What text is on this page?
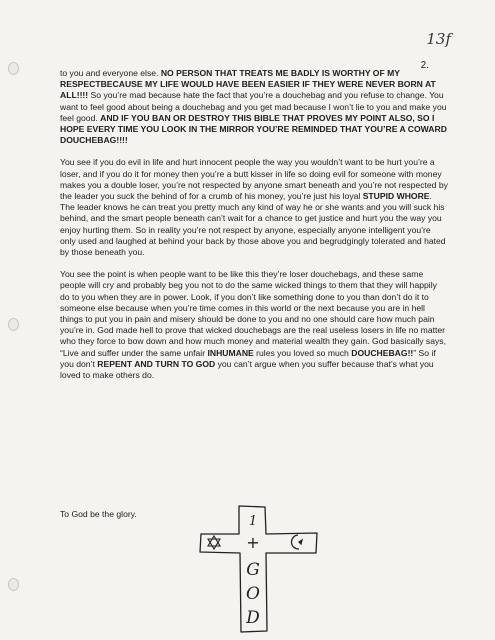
13f
2.

to you and everyone else. NO PERSON THAT TREATS ME BADLY IS WORTHY OF MY RESPECTBECAUSE MY LIFE WOULD HAVE BEEN EASIER IF THEY WERE NEVER BORN AT ALL!!!! So you’re mad because hate the fact that you’re a douchebag and you refuse to change. You want to feel good about being a douchebag and you get mad because I won’t lie to you and make you feel good. AND IF YOU BAN OR DESTROY THIS BIBLE THAT PROVES MY POINT ALSO, SO I HOPE EVERY TIME YOU LOOK IN THE MIRROR YOU’RE REMINDED THAT YOU’RE A COWARD DOUCHEBAG!!!!

You see if you do evil in life and hurt innocent people the way you wouldn’t want to be hurt you’re a loser, and if you do it for money then you’re a butt kisser in life so doing evil for someone with money makes you a double loser, you’re not respected by anyone smart beneath and you’re not respected by the leader you suck the behind of for a crumb of his money, you’re just his loyal STUPID WHORE. The leader knows he can treat you pretty much any kind of way he or she wants and you will suck his behind, and the smart people beneath can’t wait for a chance to get justice and hurt you the way you enjoy hurting them. So in reality you’re not respect by anyone, especially anyone intelligent you’re only used and laughed at behind your back by those above you and begrudgingly tolerated and hated by those beneath you.

You see the point is when people want to be like this they’re loser douchebags, and these same people will cry and probably beg you not to do the same wicked things to them that they will happily do to you when they are in power. Look, if you don’t like something done to you than don’t do it to someone else because when you’re time comes in this world or the next because you are in hell things to put you in pain and misery should be done to you and no one should care how much pain you’re in. God made hell to prove that wicked douchebags are the real useless losers in life no matter who they force to bow down and how much money and material wealth they gain. God basically says, “Live and suffer under the same unfair INHUMANE rules you loved so much DOUCHEBAG!!” So if you don’t REPENT AND TURN TO GOD you can’t argue when you suffer because that’s what you loved to make others do.

To God be the glory.	1
+
G
O
D
